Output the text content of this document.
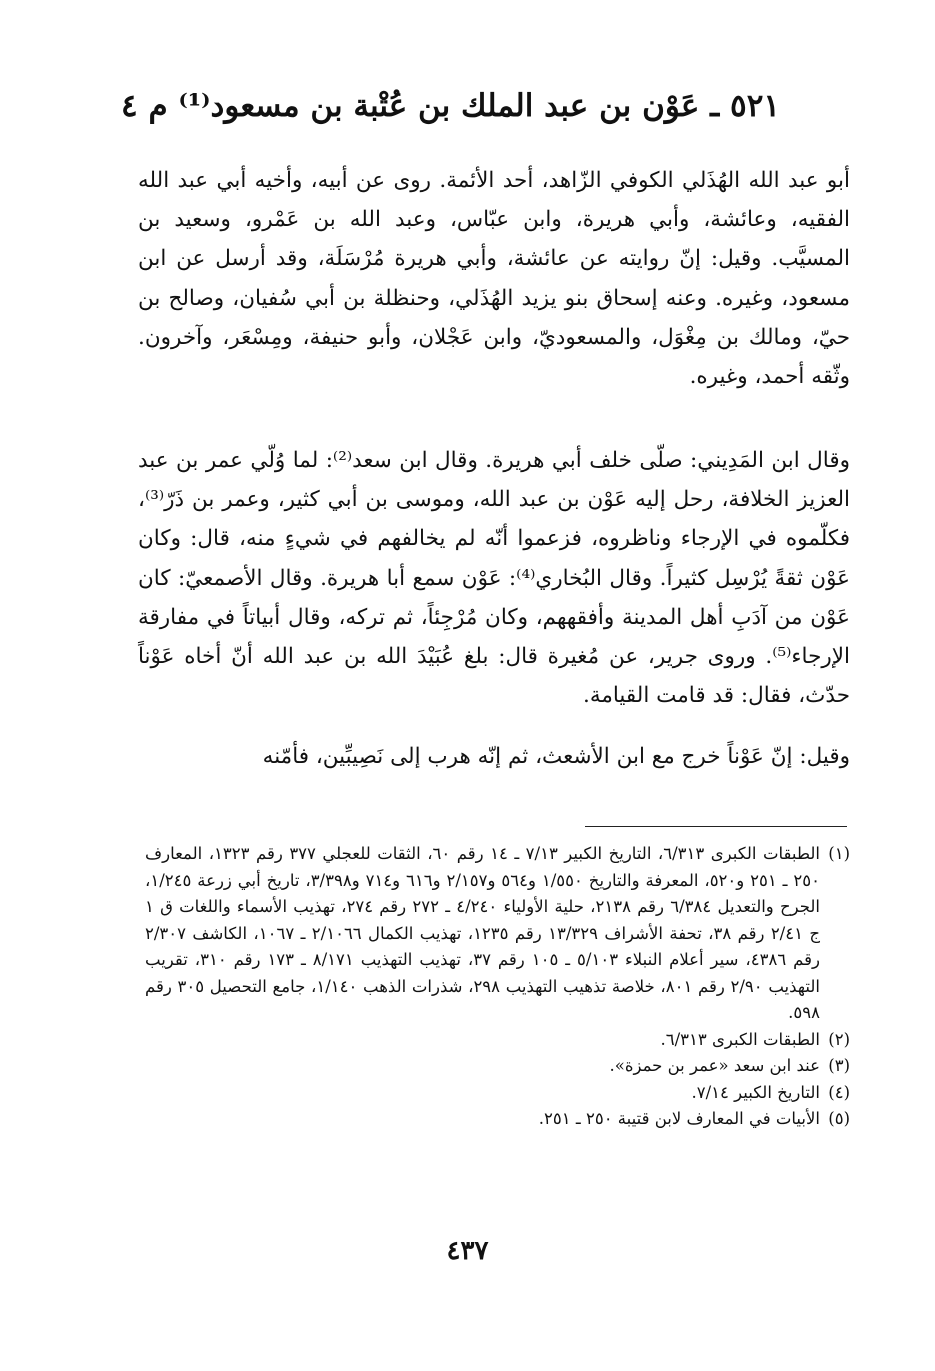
٥٢١ ـ عَوْن بن عبد الملك بن عُتْبة بن مسعود⁽¹⁾ م ٤
أبو عبد الله الهُذَلي الكوفي الزّاهد، أحد الأئمة. روى عن أبيه، وأخيه أبي عبد الله الفقيه، وعائشة، وأبي هريرة، وابن عبّاس، وعبد الله بن عَمْرو، وسعيد بن المسيَّب. وقيل: إنّ روايته عن عائشة، وأبي هريرة مُرْسَلَة، وقد أرسل عن ابن مسعود، وغيره. وعنه إسحاق بنو يزيد الهُذَلي، وحنظلة بن أبي سُفيان، وصالح بن حيّ، ومالك بن مِغْوَل، والمسعوديّ، وابن عَجْلان، وأبو حنيفة، ومِسْعَر، وآخرون. وثّقه أحمد، وغيره.
وقال ابن المَدِيني: صلّى خلف أبي هريرة. وقال ابن سعد⁽²⁾: لما وُلّي عمر بن عبد العزيز الخلافة، رحل إليه عَوْن بن عبد الله، وموسى بن أبي كثير، وعمر بن ذَرّ⁽³⁾، فكلّموه في الإرجاء وناظروه، فزعموا أنّه لم يخالفهم في شيءٍ منه، قال: وكان عَوْن ثقةً يُرْسِل كثيراً. وقال البُخاري⁽⁴⁾: عَوْن سمع أبا هريرة. وقال الأصمعيّ: كان عَوْن من آدَبِ أهل المدينة وأفقههم، وكان مُرْجِئاً، ثم تركه، وقال أبياتاً في مفارقة الإرجاء⁽⁵⁾. وروى جرير، عن مُغيرة قال: بلغ عُبَيْدَ الله بن عبد الله أنّ أخاه عَوْناً حدّث، فقال: قد قامت القيامة.
وقيل: إنّ عَوْناً خرج مع ابن الأشعث، ثم إنّه هرب إلى نَصِيبِّين، فأمّنه
(١)
الطبقات الكبرى ٦/٣١٣، التاريخ الكبير ٧/١٣ ـ ١٤ رقم ٦٠، الثقات للعجلي ٣٧٧ رقم ١٣٢٣، المعارف ٢٥٠ ـ ٢٥١ و٥٢٠، المعرفة والتاريخ ١/٥٥٠ و٥٦٤ و٢/١٥٧ و٦١٦ و٧١٤ و٣/٣٩٨، تاريخ أبي زرعة ١/٢٤٥، الجرح والتعديل ٦/٣٨٤ رقم ٢١٣٨، حلية الأولياء ٤/٢٤٠ ـ ٢٧٢ رقم ٢٧٤، تهذيب الأسماء واللغات ق ١ ج ٢/٤١ رقم ٣٨، تحفة الأشراف ١٣/٣٢٩ رقم ١٢٣٥، تهذيب الكمال ٢/١٠٦٦ ـ ١٠٦٧، الكاشف ٢/٣٠٧ رقم ٤٣٨٦، سير أعلام النبلاء ٥/١٠٣ ـ ١٠٥ رقم ٣٧، تهذيب التهذيب ٨/١٧١ ـ ١٧٣ رقم ٣١٠، تقريب التهذيب ٢/٩٠ رقم ٨٠١، خلاصة تذهيب التهذيب ٢٩٨، شذرات الذهب ١/١٤٠، جامع التحصيل ٣٠٥ رقم ٥٩٨.
(٢)
الطبقات الكبرى ٦/٣١٣.
(٣)
عند ابن سعد «عمر بن حمزة».
(٤)
التاريخ الكبير ٧/١٤.
(٥)
الأبيات في المعارف لابن قتيبة ٢٥٠ ـ ٢٥١.
٤٣٧
